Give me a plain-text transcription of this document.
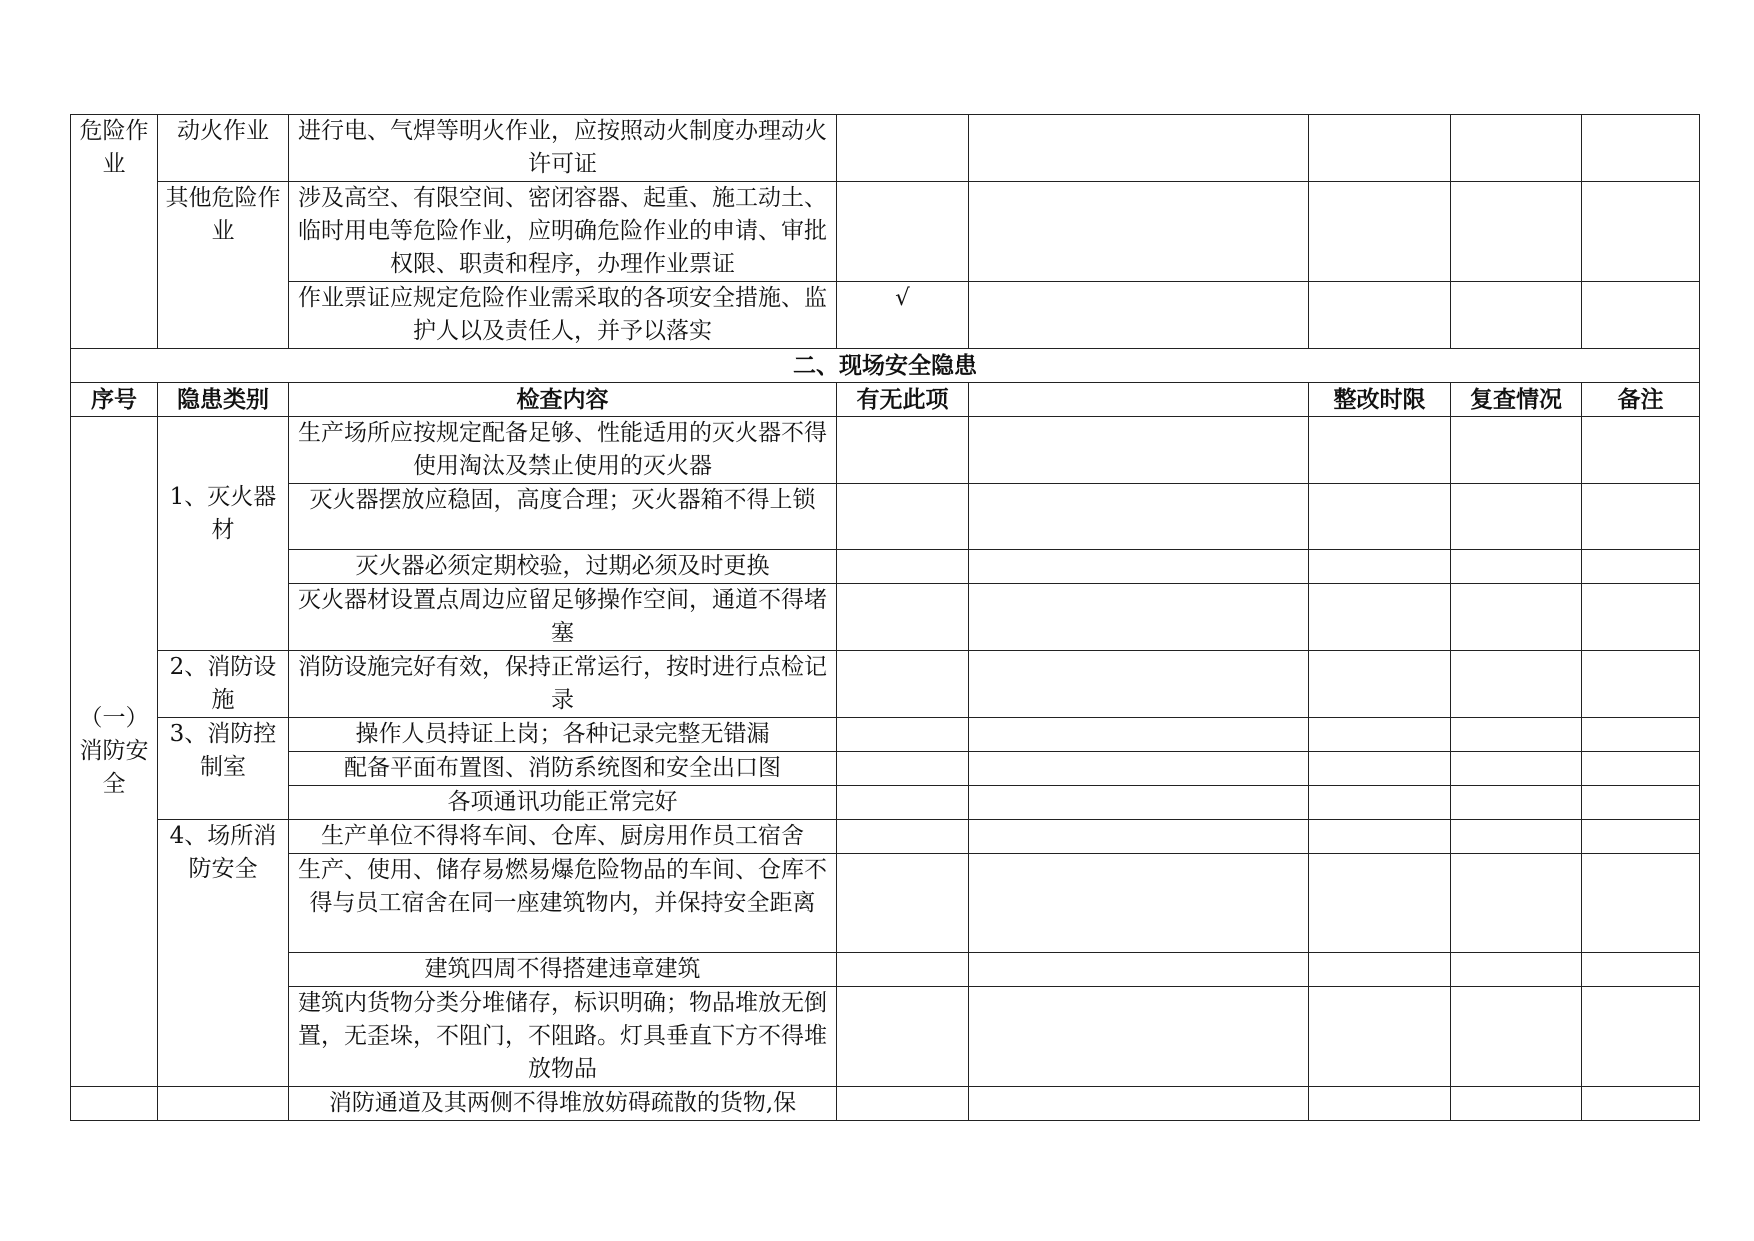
危险作业	动火作业	进行电、气焊等明火作业，应按照动火制度办理动火许可证					
	其他危险作业	涉及高空、有限空间、密闭容器、起重、施工动土、临时用电等危险作业，应明确危险作业的申请、审批权限、职责和程序，办理作业票证					
		作业票证应规定危险作业需采取的各项安全措施、监护人以及责任人，并予以落实	√				
二、现场安全隐患							
序号	隐患类别	检查内容	有无此项		整改时限	复查情况	备注
（一）消防安全	1、灭火器材	生产场所应按规定配备足够、性能适用的灭火器不得使用淘汰及禁止使用的灭火器					
		灭火器摆放应稳固，高度合理；灭火器箱不得上锁					
		灭火器必须定期校验，过期必须及时更换					
		灭火器材设置点周边应留足够操作空间，通道不得堵塞					
	2、消防设施	消防设施完好有效，保持正常运行，按时进行点检记录					
	3、消防控制室	操作人员持证上岗；各种记录完整无错漏					
		配备平面布置图、消防系统图和安全出口图					
		各项通讯功能正常完好					
	4、场所消防安全	生产单位不得将车间、仓库、厨房用作员工宿舍					
		生产、使用、储存易燃易爆危险物品的车间、仓库不得与员工宿舍在同一座建筑物内，并保持安全距离					
		建筑四周不得搭建违章建筑					
		建筑内货物分类分堆储存，标识明确；物品堆放无倒置，无歪垛，不阻门，不阻路。灯具垂直下方不得堆放物品					
		消防通道及其两侧不得堆放妨碍疏散的货物,保					
